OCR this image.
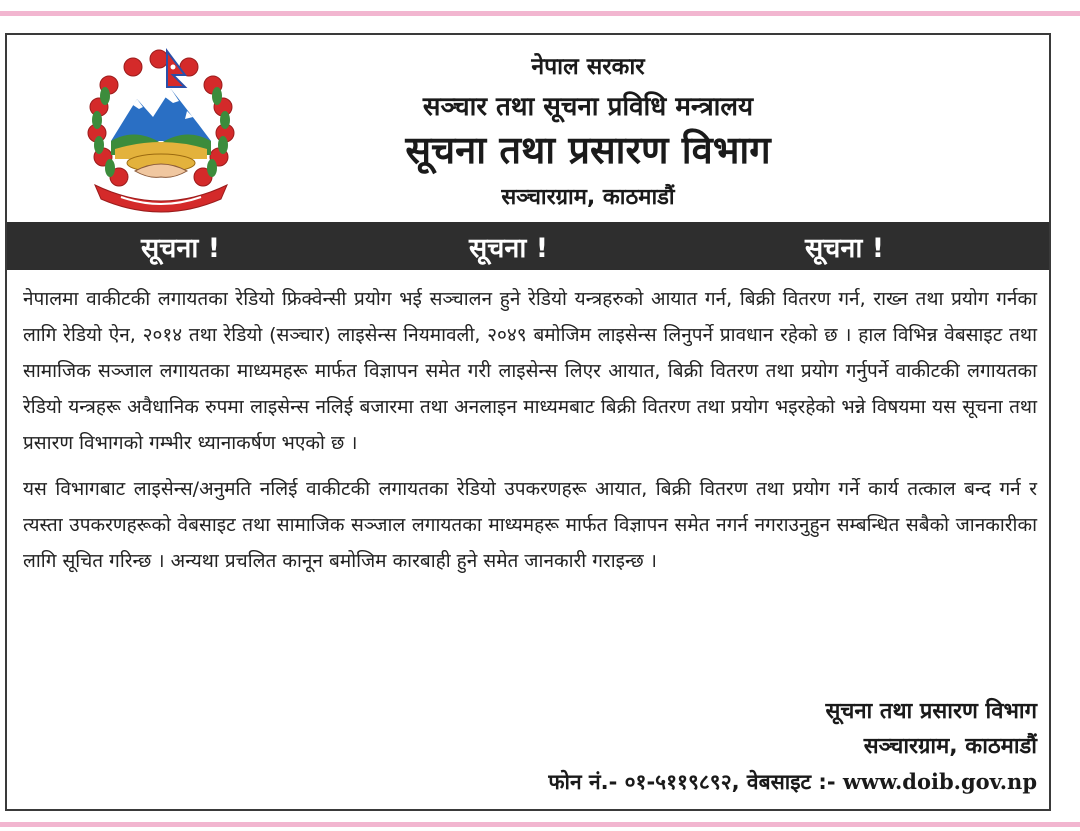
नेपाल सरकार
सञ्चार तथा सूचना प्रविधि मन्त्रालय
सूचना तथा प्रसारण विभाग
सञ्चारग्राम, काठमाडौं
सूचना !	सूचना !	सूचना !

नेपालमा वाकीटकी लगायतका रेडियो फ्रिक्वेन्सी प्रयोग भई सञ्चालन हुने रेडियो यन्त्रहरुको आयात गर्न, बिक्री वितरण गर्न, राख्न तथा प्रयोग गर्नका लागि रेडियो ऐन, २०१४ तथा रेडियो (सञ्चार) लाइसेन्स नियमावली, २०४९ बमोजिम लाइसेन्स लिनुपर्ने प्रावधान रहेको छ । हाल विभिन्न वेबसाइट तथा सामाजिक सञ्जाल लगायतका माध्यमहरू मार्फत विज्ञापन समेत गरी लाइसेन्स लिएर आयात, बिक्री वितरण तथा प्रयोग गर्नुपर्ने वाकीटकी लगायतका रेडियो यन्त्रहरू अवैधानिक रुपमा लाइसेन्स नलिई बजारमा तथा अनलाइन माध्यमबाट बिक्री वितरण तथा प्रयोग भइरहेको भन्ने विषयमा यस सूचना तथा प्रसारण विभागको गम्भीर ध्यानाकर्षण भएको छ ।

यस विभागबाट लाइसेन्स/अनुमति नलिई वाकीटकी लगायतका रेडियो उपकरणहरू आयात, बिक्री वितरण तथा प्रयोग गर्ने कार्य तत्काल बन्द गर्न र त्यस्ता उपकरणहरूको वेबसाइट तथा सामाजिक सञ्जाल लगायतका माध्यमहरू मार्फत विज्ञापन समेत नगर्न नगराउनुहुन सम्बन्धित सबैको जानकारीका लागि सूचित गरिन्छ । अन्यथा प्रचलित कानून बमोजिम कारबाही हुने समेत जानकारी गराइन्छ ।

सूचना तथा प्रसारण विभाग
सञ्चारग्राम, काठमाडौं
फोन नं.- ०१-५११९८९२, वेबसाइट :- www.doib.gov.np
